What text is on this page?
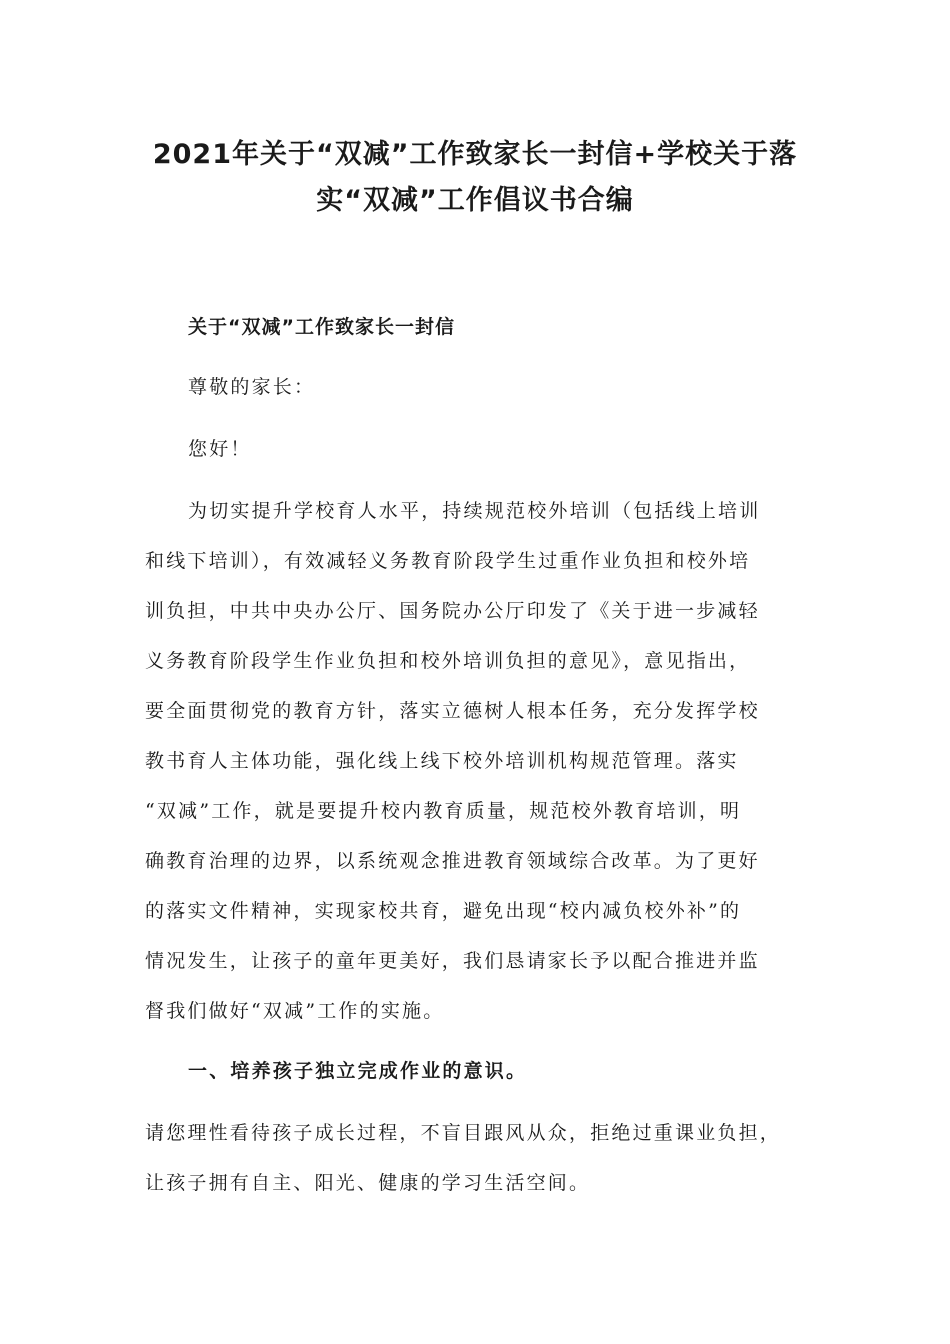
2021年关于“双减”工作致家长一封信+学校关于落
实“双减”工作倡议书合编
关于“双减”工作致家长一封信

尊敬的家长：

您好！

为切实提升学校育人水平，持续规范校外培训（包括线上培训

和线下培训），有效减轻义务教育阶段学生过重作业负担和校外培

训负担，中共中央办公厅、国务院办公厅印发了《关于进一步减轻

义务教育阶段学生作业负担和校外培训负担的意见》，意见指出，

要全面贯彻党的教育方针，落实立德树人根本任务，充分发挥学校

教书育人主体功能，强化线上线下校外培训机构规范管理。落实

“双减”工作，就是要提升校内教育质量，规范校外教育培训，明

确教育治理的边界，以系统观念推进教育领域综合改革。为了更好

的落实文件精神，实现家校共育，避免出现“校内减负校外补”的

情况发生，让孩子的童年更美好，我们恳请家长予以配合推进并监

督我们做好“双减”工作的实施。

一、培养孩子独立完成作业的意识。

请您理性看待孩子成长过程，不盲目跟风从众，拒绝过重课业负担，

让孩子拥有自主、阳光、健康的学习生活空间。
